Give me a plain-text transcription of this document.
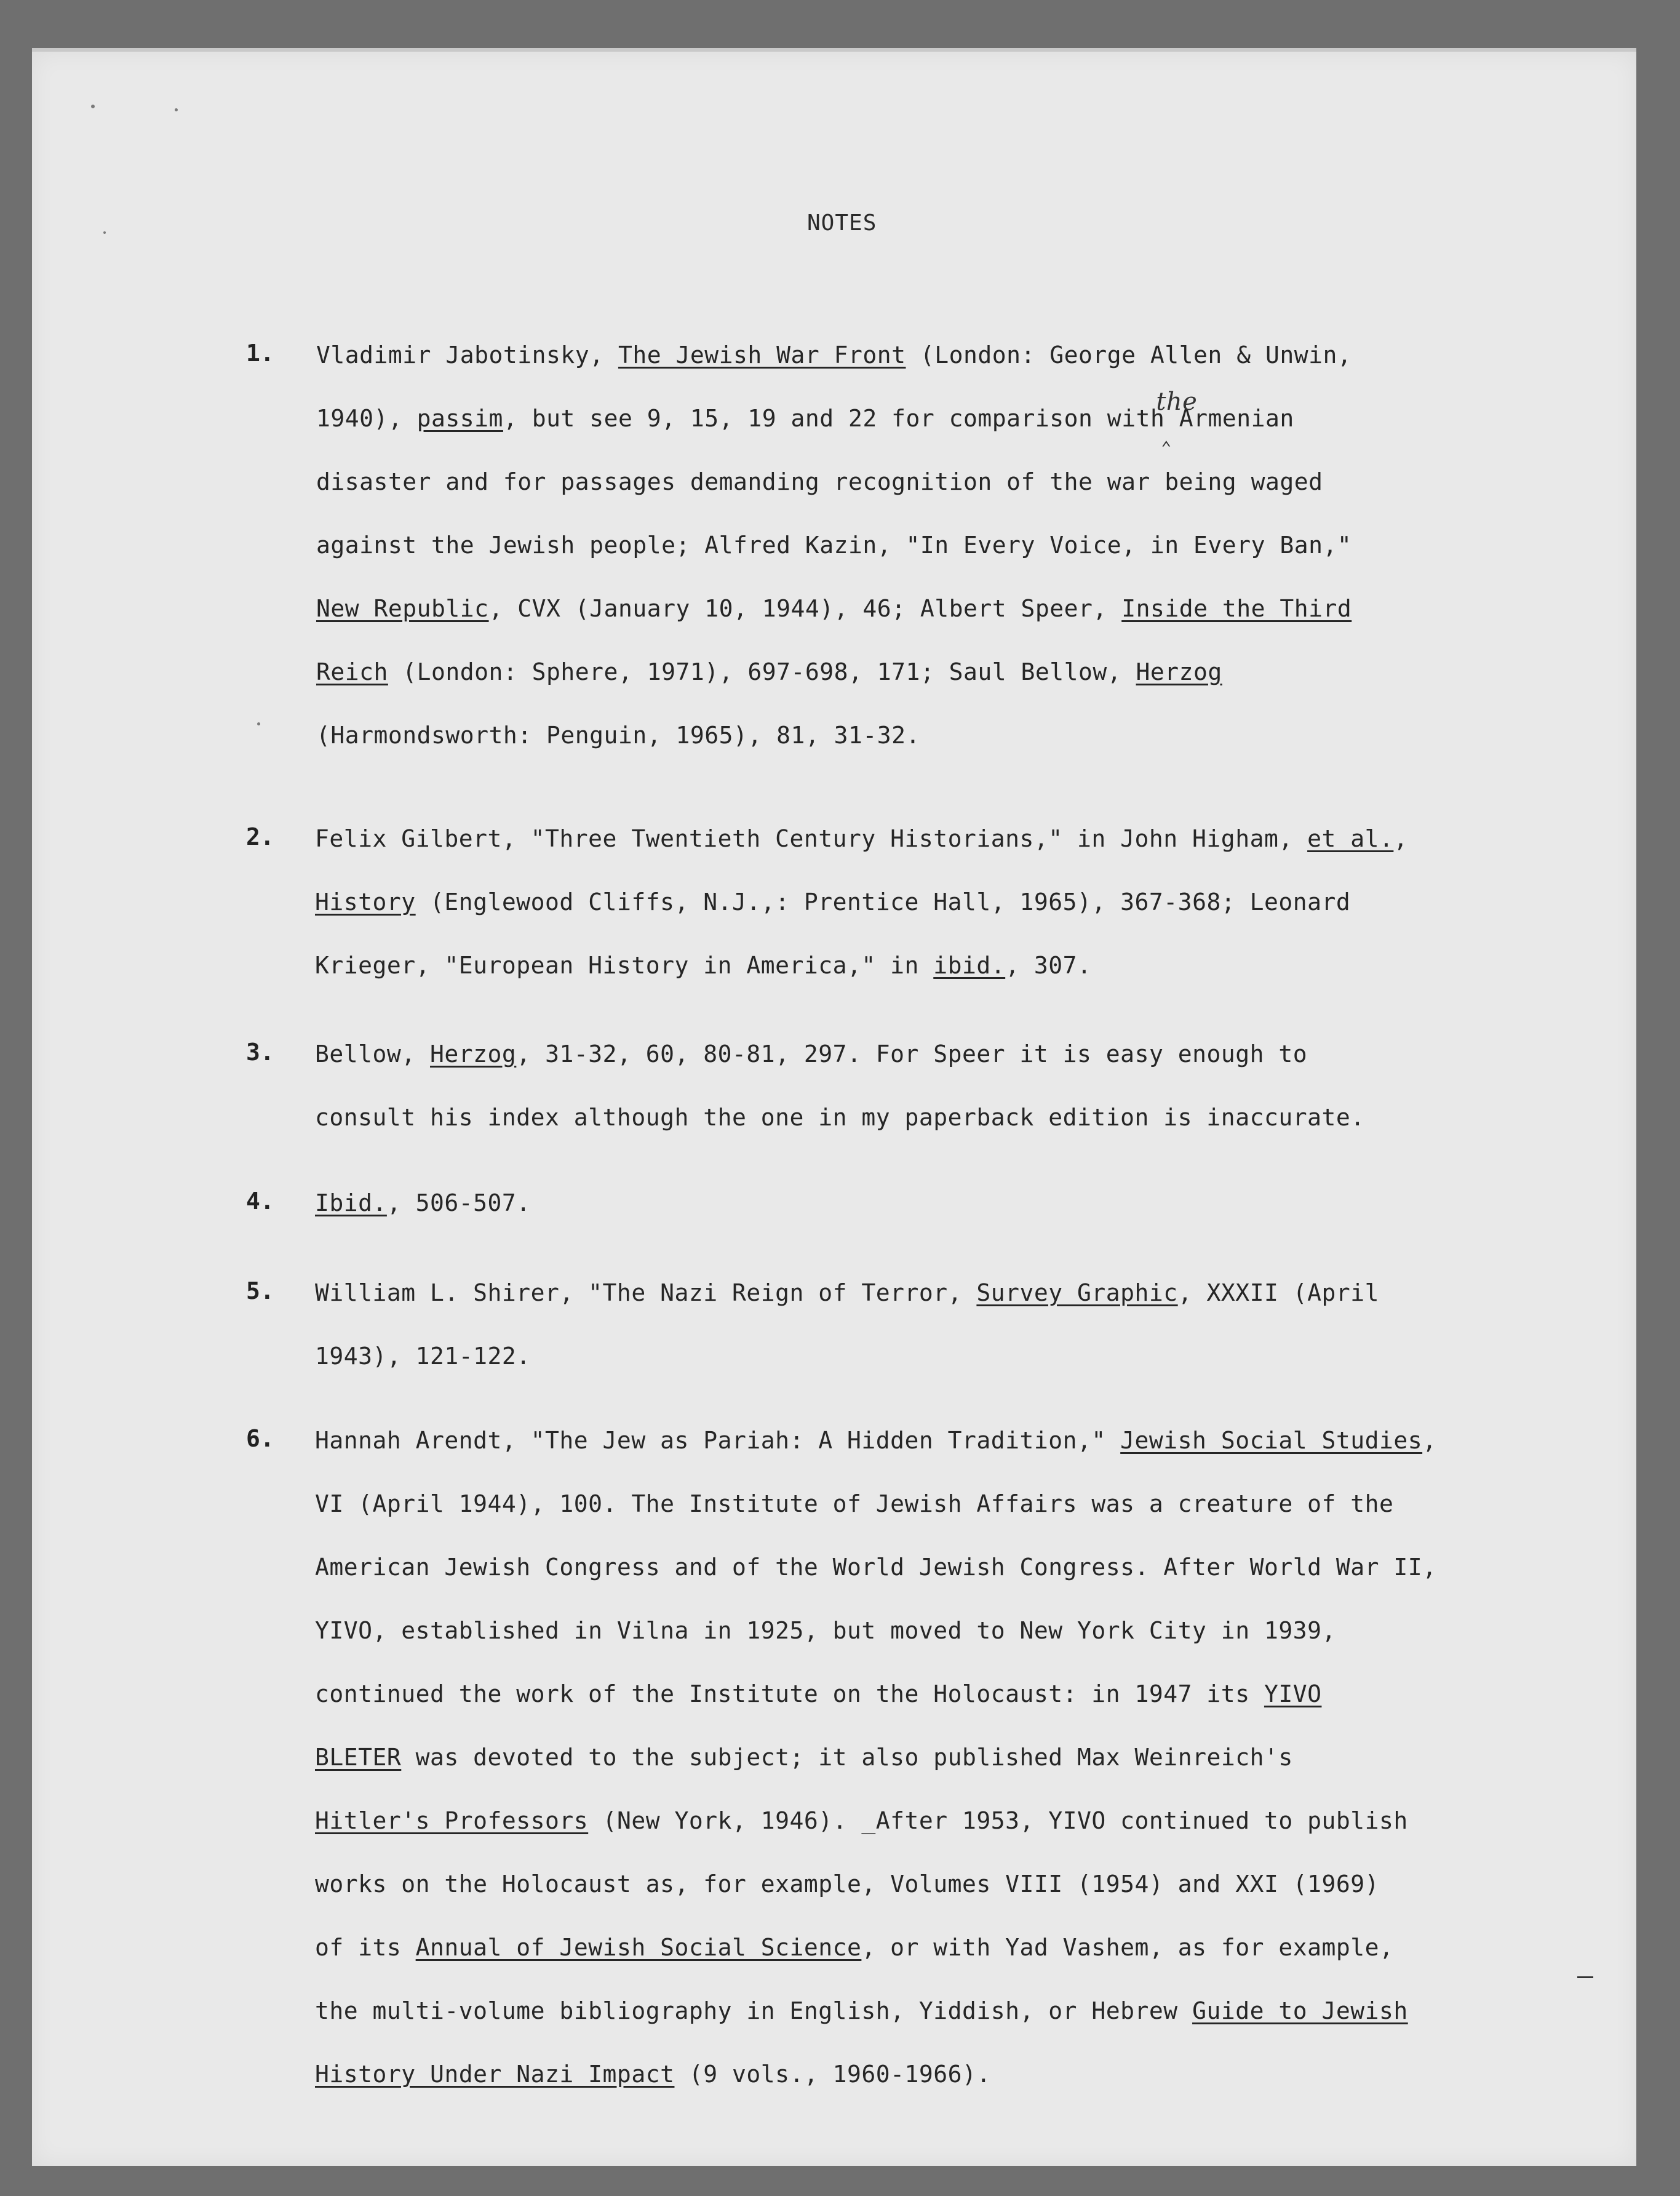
NOTES
1. Vladimir Jabotinsky, The Jewish War Front (London: George Allen & Unwin,
1940), passim, but see 9, 15, 19 and 22 for comparison with
the
⌃
Armenian
disaster and for passages demanding recognition of the war being waged
against the Jewish people; Alfred Kazin, "In Every Voice, in Every Ban,"
New Republic, CVX (January 10, 1944), 46; Albert Speer, Inside the Third
Reich (London: Sphere, 1971), 697-698, 171; Saul Bellow, Herzog
(Harmondsworth: Penguin, 1965), 81, 31-32.
2. Felix Gilbert, "Three Twentieth Century Historians," in John Higham, et al.,
History (Englewood Cliffs, N.J.,: Prentice Hall, 1965), 367-368; Leonard
Krieger, "European History in America," in ibid., 307.
3. Bellow, Herzog, 31-32, 60, 80-81, 297. For Speer it is easy enough to
consult his index although the one in my paperback edition is inaccurate.
4. Ibid., 506-507.
5. William L. Shirer, "The Nazi Reign of Terror, Survey Graphic, XXXII (April
1943), 121-122.
6. Hannah Arendt, "The Jew as Pariah: A Hidden Tradition," Jewish Social Studies,
VI (April 1944), 100. The Institute of Jewish Affairs was a creature of the
American Jewish Congress and of the World Jewish Congress. After World War II,
YIVO, established in Vilna in 1925, but moved to New York City in 1939,
continued the work of the Institute on the Holocaust: in 1947 its YIVO
BLETER was devoted to the subject; it also published Max Weinreich's
Hitler's Professors (New York, 1946). _After 1953, YIVO continued to publish
works on the Holocaust as, for example, Volumes VIII (1954) and XXI (1969)
of its Annual of Jewish Social Science, or with Yad Vashem, as for example,
the multi-volume bibliography in English, Yiddish, or Hebrew Guide to Jewish
History Under Nazi Impact (9 vols., 1960-1966).
